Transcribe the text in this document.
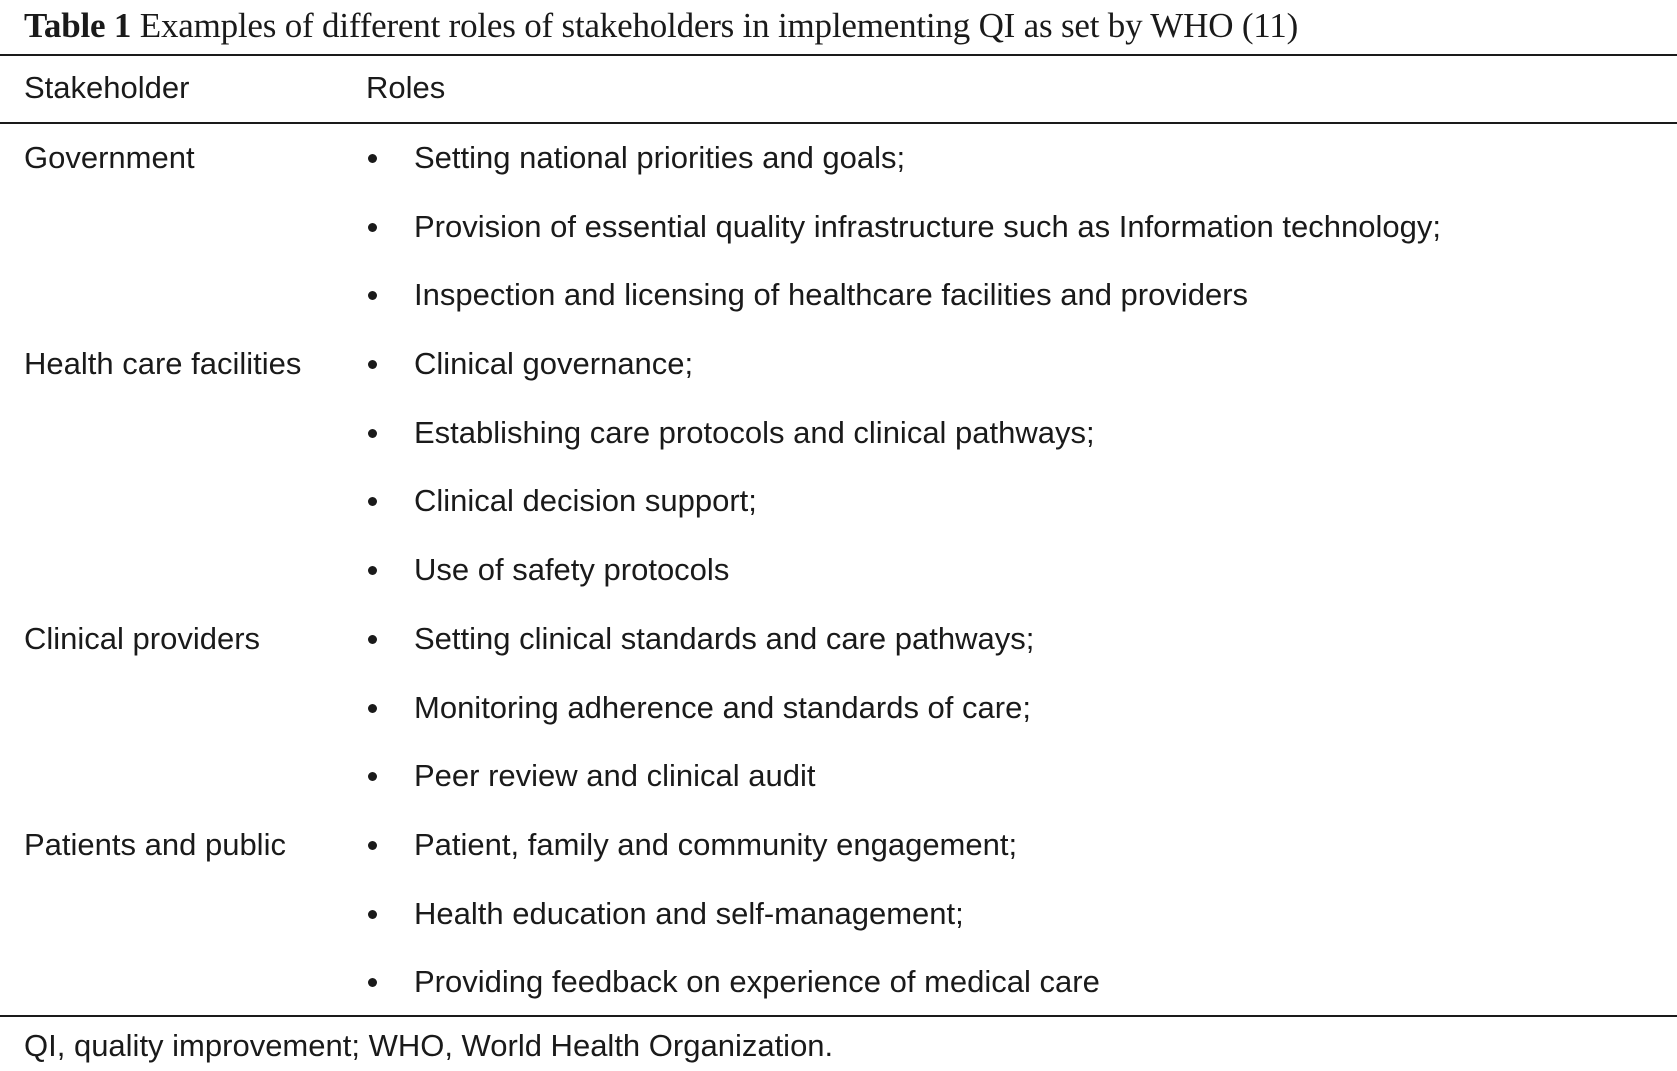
Table 1 Examples of different roles of stakeholders in implementing QI as set by WHO (11)
Stakeholder	Roles
Government	Setting national priorities and goals;
Provision of essential quality infrastructure such as Information technology;
Inspection and licensing of healthcare facilities and providers
Health care facilities	Clinical governance;
Establishing care protocols and clinical pathways;
Clinical decision support;
Use of safety protocols
Clinical providers	Setting clinical standards and care pathways;
Monitoring adherence and standards of care;
Peer review and clinical audit
Patients and public	Patient, family and community engagement;
Health education and self-management;
Providing feedback on experience of medical care
QI, quality improvement; WHO, World Health Organization.
